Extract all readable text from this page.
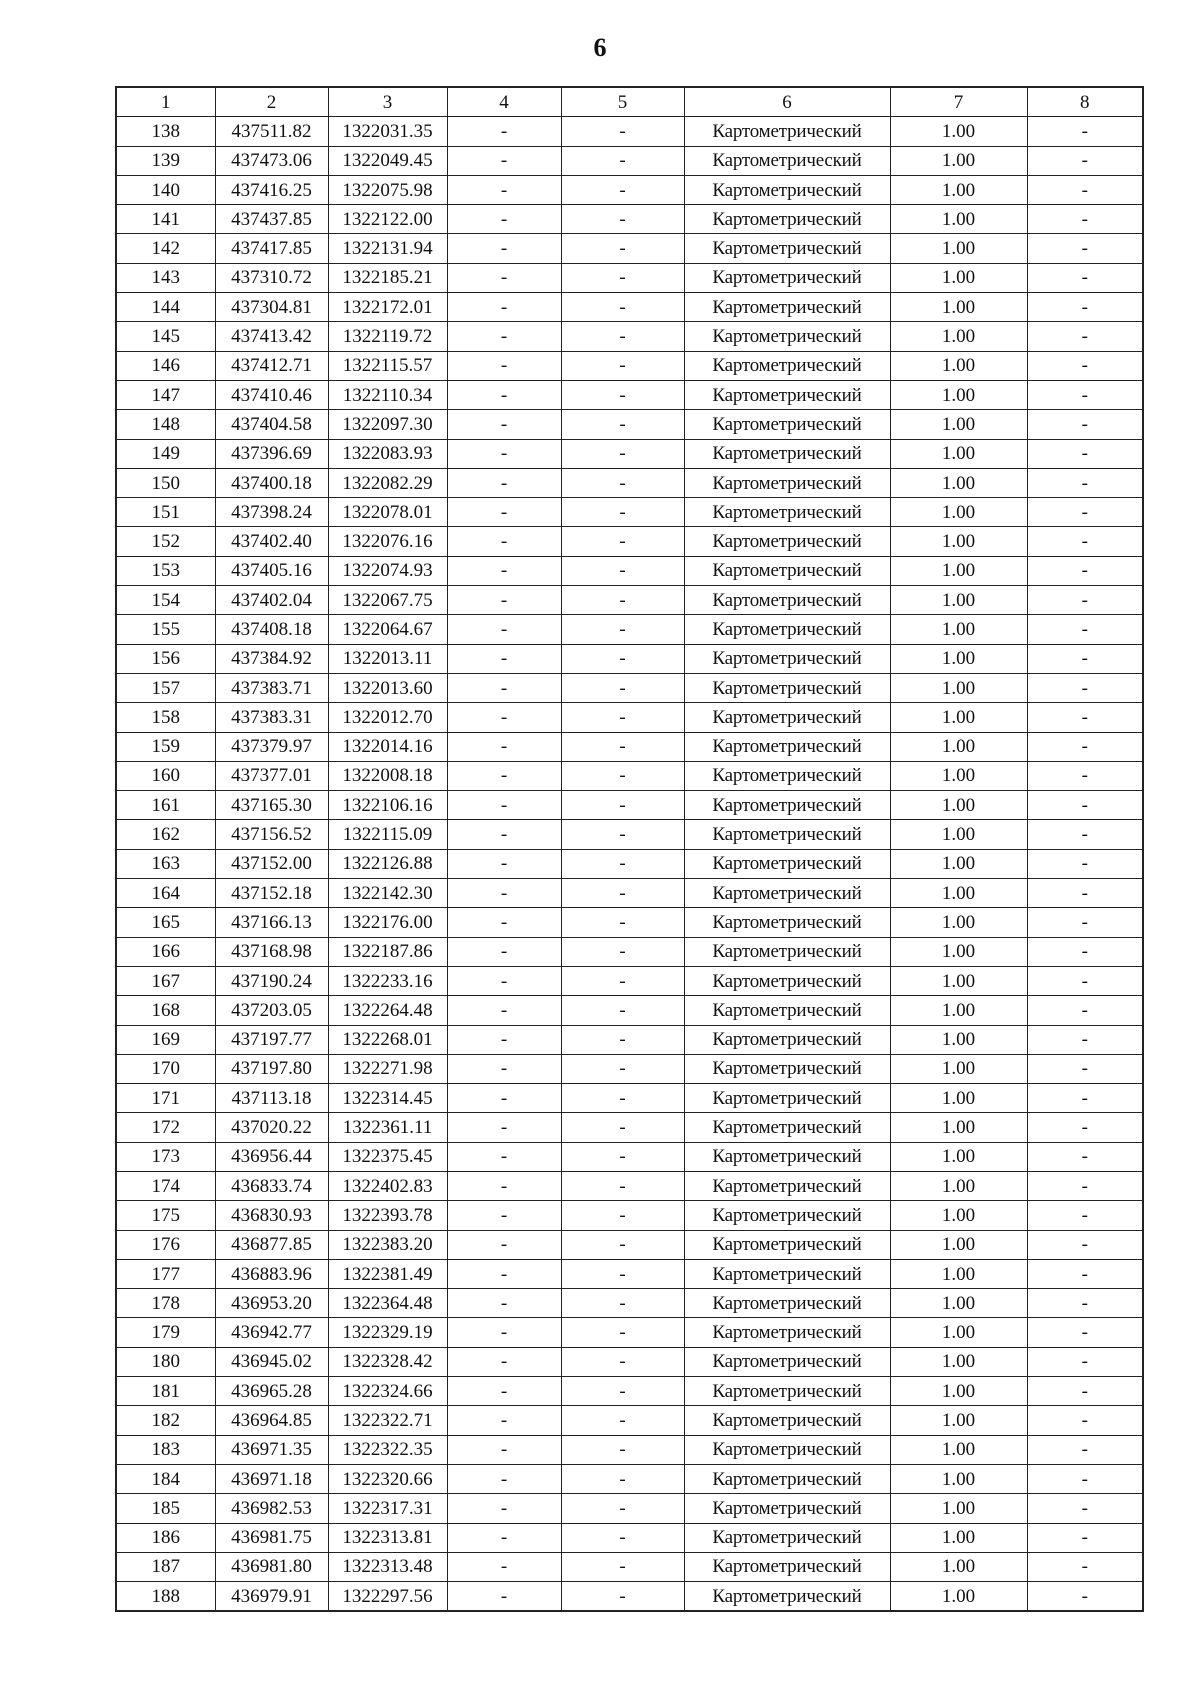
6
1	2	3	4	5	6	7	8
138	437511.82	1322031.35	-	-	Картометрический	1.00	-
139	437473.06	1322049.45	-	-	Картометрический	1.00	-
140	437416.25	1322075.98	-	-	Картометрический	1.00	-
141	437437.85	1322122.00	-	-	Картометрический	1.00	-
142	437417.85	1322131.94	-	-	Картометрический	1.00	-
143	437310.72	1322185.21	-	-	Картометрический	1.00	-
144	437304.81	1322172.01	-	-	Картометрический	1.00	-
145	437413.42	1322119.72	-	-	Картометрический	1.00	-
146	437412.71	1322115.57	-	-	Картометрический	1.00	-
147	437410.46	1322110.34	-	-	Картометрический	1.00	-
148	437404.58	1322097.30	-	-	Картометрический	1.00	-
149	437396.69	1322083.93	-	-	Картометрический	1.00	-
150	437400.18	1322082.29	-	-	Картометрический	1.00	-
151	437398.24	1322078.01	-	-	Картометрический	1.00	-
152	437402.40	1322076.16	-	-	Картометрический	1.00	-
153	437405.16	1322074.93	-	-	Картометрический	1.00	-
154	437402.04	1322067.75	-	-	Картометрический	1.00	-
155	437408.18	1322064.67	-	-	Картометрический	1.00	-
156	437384.92	1322013.11	-	-	Картометрический	1.00	-
157	437383.71	1322013.60	-	-	Картометрический	1.00	-
158	437383.31	1322012.70	-	-	Картометрический	1.00	-
159	437379.97	1322014.16	-	-	Картометрический	1.00	-
160	437377.01	1322008.18	-	-	Картометрический	1.00	-
161	437165.30	1322106.16	-	-	Картометрический	1.00	-
162	437156.52	1322115.09	-	-	Картометрический	1.00	-
163	437152.00	1322126.88	-	-	Картометрический	1.00	-
164	437152.18	1322142.30	-	-	Картометрический	1.00	-
165	437166.13	1322176.00	-	-	Картометрический	1.00	-
166	437168.98	1322187.86	-	-	Картометрический	1.00	-
167	437190.24	1322233.16	-	-	Картометрический	1.00	-
168	437203.05	1322264.48	-	-	Картометрический	1.00	-
169	437197.77	1322268.01	-	-	Картометрический	1.00	-
170	437197.80	1322271.98	-	-	Картометрический	1.00	-
171	437113.18	1322314.45	-	-	Картометрический	1.00	-
172	437020.22	1322361.11	-	-	Картометрический	1.00	-
173	436956.44	1322375.45	-	-	Картометрический	1.00	-
174	436833.74	1322402.83	-	-	Картометрический	1.00	-
175	436830.93	1322393.78	-	-	Картометрический	1.00	-
176	436877.85	1322383.20	-	-	Картометрический	1.00	-
177	436883.96	1322381.49	-	-	Картометрический	1.00	-
178	436953.20	1322364.48	-	-	Картометрический	1.00	-
179	436942.77	1322329.19	-	-	Картометрический	1.00	-
180	436945.02	1322328.42	-	-	Картометрический	1.00	-
181	436965.28	1322324.66	-	-	Картометрический	1.00	-
182	436964.85	1322322.71	-	-	Картометрический	1.00	-
183	436971.35	1322322.35	-	-	Картометрический	1.00	-
184	436971.18	1322320.66	-	-	Картометрический	1.00	-
185	436982.53	1322317.31	-	-	Картометрический	1.00	-
186	436981.75	1322313.81	-	-	Картометрический	1.00	-
187	436981.80	1322313.48	-	-	Картометрический	1.00	-
188	436979.91	1322297.56	-	-	Картометрический	1.00	-
